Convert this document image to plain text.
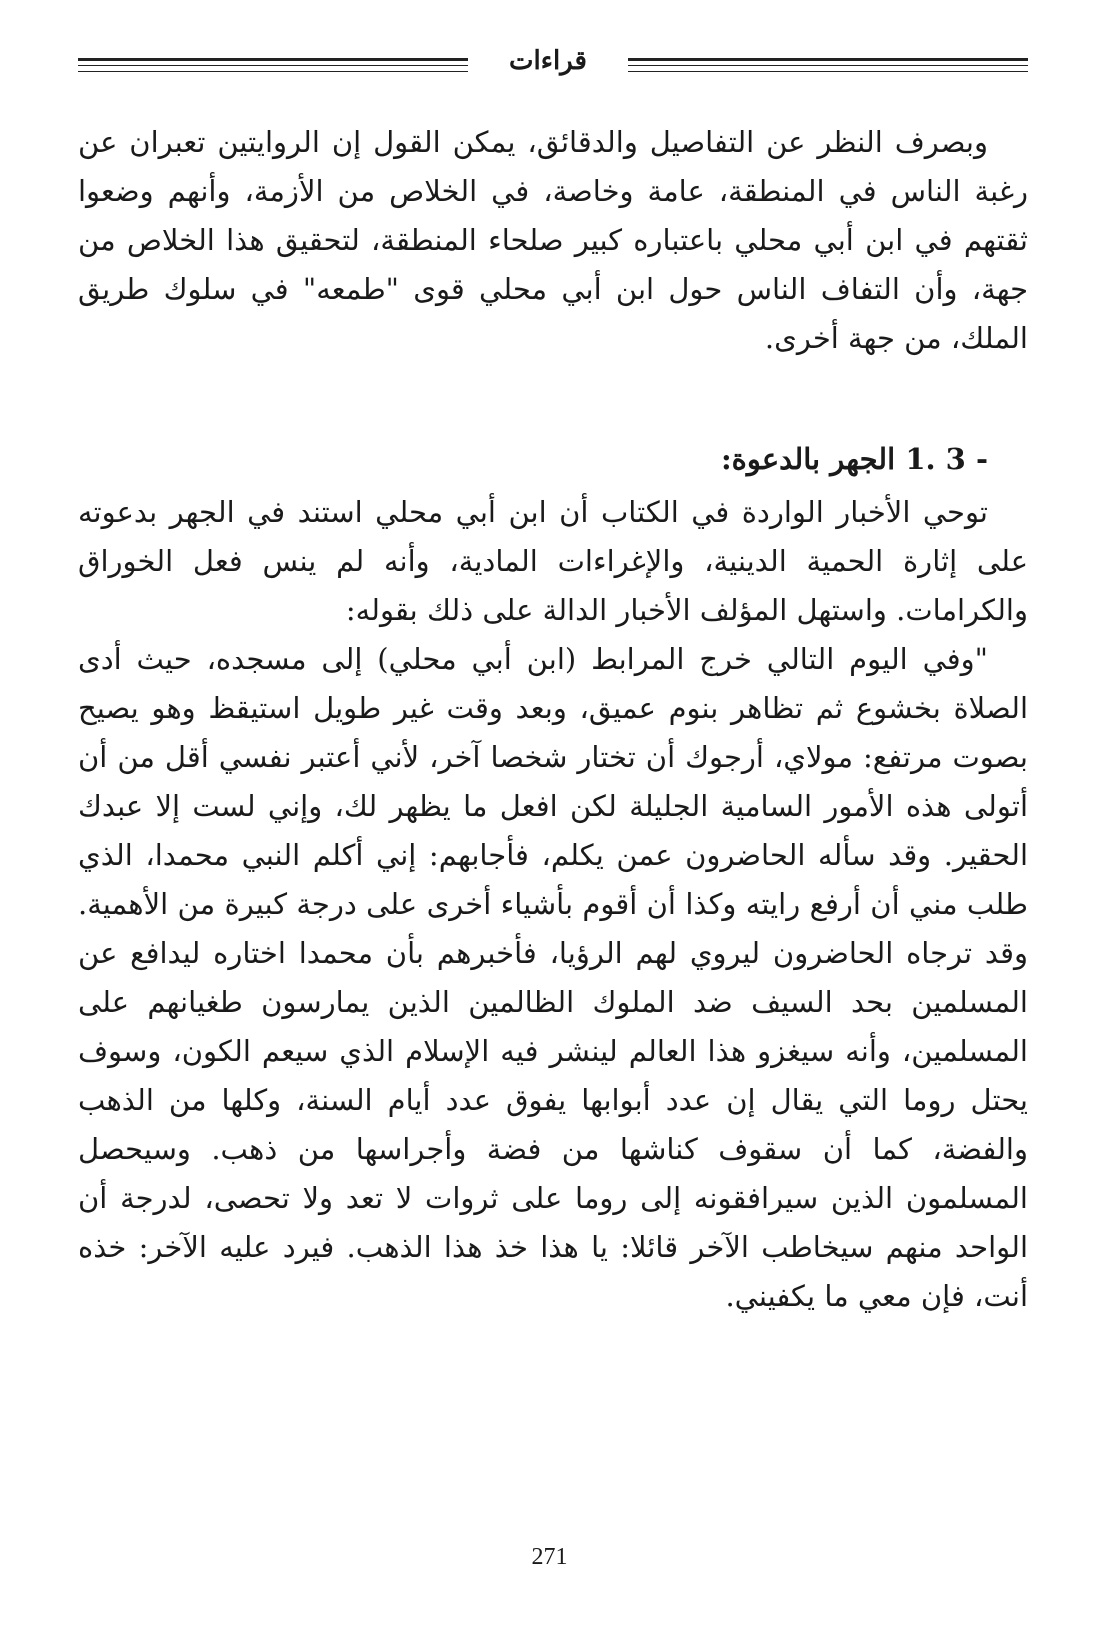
قراءات

وبصرف النظر عن التفاصيل والدقائق، يمكن القول إن الروايتين تعبران عن رغبة الناس في المنطقة، عامة وخاصة، في الخلاص من الأزمة، وأنهم وضعوا ثقتهم في ابن أبي محلي باعتباره كبير صلحاء المنطقة، لتحقيق هذا الخلاص من جهة، وأن التفاف الناس حول ابن أبي محلي قوى "طمعه" في سلوك طريق الملك، من جهة أخرى.

1. 3 - الجهر بالدعوة:

توحي الأخبار الواردة في الكتاب أن ابن أبي محلي استند في الجهر بدعوته على إثارة الحمية الدينية، والإغراءات المادية، وأنه لم ينس فعل الخوراق والكرامات. واستهل المؤلف الأخبار الدالة على ذلك بقوله:

"وفي اليوم التالي خرج المرابط (ابن أبي محلي) إلى مسجده، حيث أدى الصلاة بخشوع ثم تظاهر بنوم عميق، وبعد وقت غير طويل استيقظ وهو يصيح بصوت مرتفع: مولاي، أرجوك أن تختار شخصا آخر، لأني أعتبر نفسي أقل من أن أتولى هذه الأمور السامية الجليلة لكن افعل ما يظهر لك، وإني لست إلا عبدك الحقير. وقد سأله الحاضرون عمن يكلم، فأجابهم: إني أكلم النبي محمدا، الذي طلب مني أن أرفع رايته وكذا أن أقوم بأشياء أخرى على درجة كبيرة من الأهمية. وقد ترجاه الحاضرون ليروي لهم الرؤيا، فأخبرهم بأن محمدا اختاره ليدافع عن المسلمين بحد السيف ضد الملوك الظالمين الذين يمارسون طغيانهم على المسلمين، وأنه سيغزو هذا العالم لينشر فيه الإسلام الذي سيعم الكون، وسوف يحتل روما التي يقال إن عدد أبوابها يفوق عدد أيام السنة، وكلها من الذهب والفضة، كما أن سقوف كناشها من فضة وأجراسها من ذهب. وسيحصل المسلمون الذين سيرافقونه إلى روما على ثروات لا تعد ولا تحصى، لدرجة أن الواحد منهم سيخاطب الآخر قائلا: يا هذا خذ هذا الذهب. فيرد عليه الآخر: خذه أنت، فإن معي ما يكفيني.

271
